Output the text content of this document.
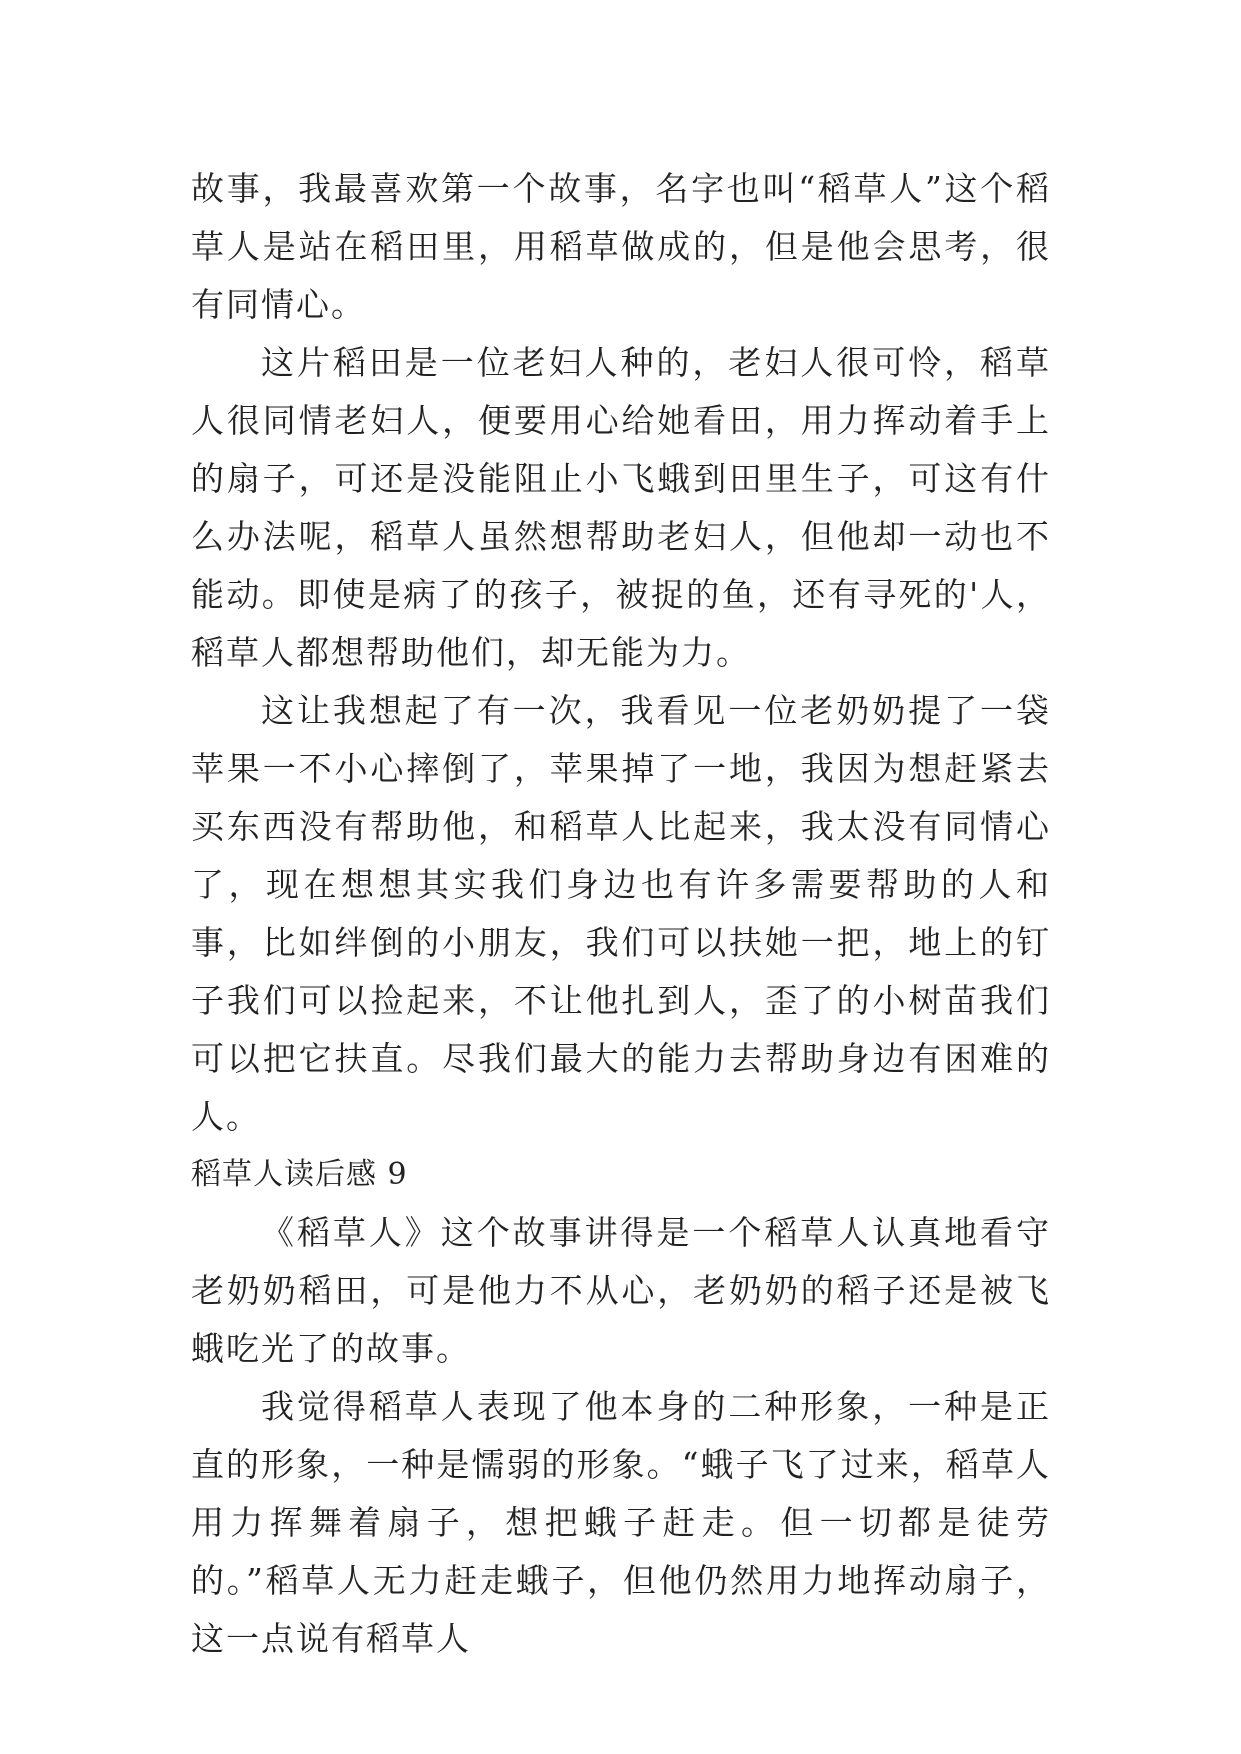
故事，我最喜欢第一个故事，名字也叫“稻草人”这个稻草人是站在稻田里，用稻草做成的，但是他会思考，很有同情心。

这片稻田是一位老妇人种的，老妇人很可怜，稻草人很同情老妇人，便要用心给她看田，用力挥动着手上的扇子，可还是没能阻止小飞蛾到田里生子，可这有什么办法呢，稻草人虽然想帮助老妇人，但他却一动也不能动。即使是病了的孩子，被捉的鱼，还有寻死的'人，稻草人都想帮助他们，却无能为力。

这让我想起了有一次，我看见一位老奶奶提了一袋苹果一不小心摔倒了，苹果掉了一地，我因为想赶紧去买东西没有帮助他，和稻草人比起来，我太没有同情心了，现在想想其实我们身边也有许多需要帮助的人和事，比如绊倒的小朋友，我们可以扶她一把，地上的钉子我们可以捡起来，不让他扎到人，歪了的小树苗我们可以把它扶直。尽我们最大的能力去帮助身边有困难的人。

稻草人读后感 9

《稻草人》这个故事讲得是一个稻草人认真地看守老奶奶稻田，可是他力不从心，老奶奶的稻子还是被飞蛾吃光了的故事。

我觉得稻草人表现了他本身的二种形象，一种是正直的形象，一种是懦弱的形象。“蛾子飞了过来，稻草人用力挥舞着扇子，想把蛾子赶走。但一切都是徒劳的。”稻草人无力赶走蛾子，但他仍然用力地挥动扇子，这一点说有稻草人
